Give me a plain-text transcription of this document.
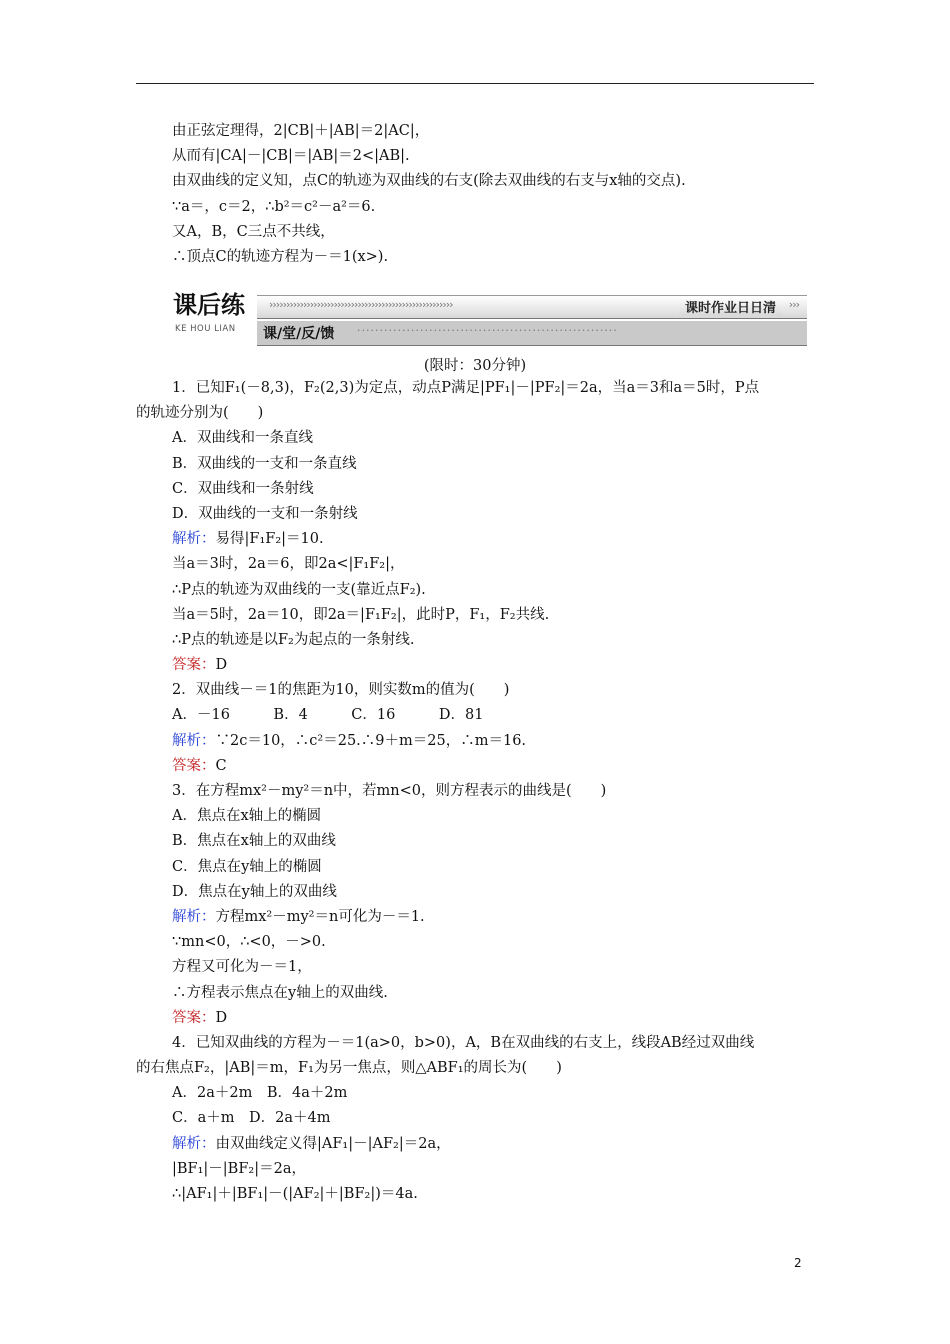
由正弦定理得，2|CB|＋|AB|＝2|AC|，
从而有|CA|－|CB|＝|AB|＝2<|AB|.
由双曲线的定义知，点C的轨迹为双曲线的右支(除去双曲线的右支与x轴的交点).
∵a＝，c＝2，∴b²＝c²－a²＝6.
又A，B，C三点不共线，
∴顶点C的轨迹方程为－＝1(x>).
课后练
KE HOU LIAN
››››››››››››››››››››››››››››››››››››››››››››››››››››››	课时作业日日清	›››
课/堂/反/馈 ··························································
(限时：30分钟)
1．已知F₁(－8,3)，F₂(2,3)为定点，动点P满足|PF₁|－|PF₂|＝2a，当a＝3和a＝5时，P点
的轨迹分别为(　　)
A．双曲线和一条直线
B．双曲线的一支和一条直线
C．双曲线和一条射线
D．双曲线的一支和一条射线
解析：易得|F₁F₂|＝10.
当a＝3时，2a＝6，即2a<|F₁F₂|，
∴P点的轨迹为双曲线的一支(靠近点F₂).
当a＝5时，2a＝10，即2a＝|F₁F₂|，此时P，F₁，F₂共线.
∴P点的轨迹是以F₂为起点的一条射线.
答案：D
2．双曲线－＝1的焦距为10，则实数m的值为(　　)
A．－16　　　B．4　　　C．16　　　D．81
解析：∵2c＝10，∴c²＝25.∴9＋m＝25，∴m＝16.
答案：C
3．在方程mx²－my²＝n中，若mn<0，则方程表示的曲线是(　　)
A．焦点在x轴上的椭圆
B．焦点在x轴上的双曲线
C．焦点在y轴上的椭圆
D．焦点在y轴上的双曲线
解析：方程mx²－my²＝n可化为－＝1.
∵mn<0，∴<0，－>0.
方程又可化为－＝1，
∴方程表示焦点在y轴上的双曲线.
答案：D
4．已知双曲线的方程为－＝1(a>0，b>0)，A，B在双曲线的右支上，线段AB经过双曲线
的右焦点F₂，|AB|＝m，F₁为另一焦点，则△ABF₁的周长为(　　)
A．2a＋2m　B．4a＋2m
C．a＋m　D．2a＋4m
解析：由双曲线定义得|AF₁|－|AF₂|＝2a，
|BF₁|－|BF₂|＝2a，
∴|AF₁|＋|BF₁|－(|AF₂|＋|BF₂|)＝4a.
2
